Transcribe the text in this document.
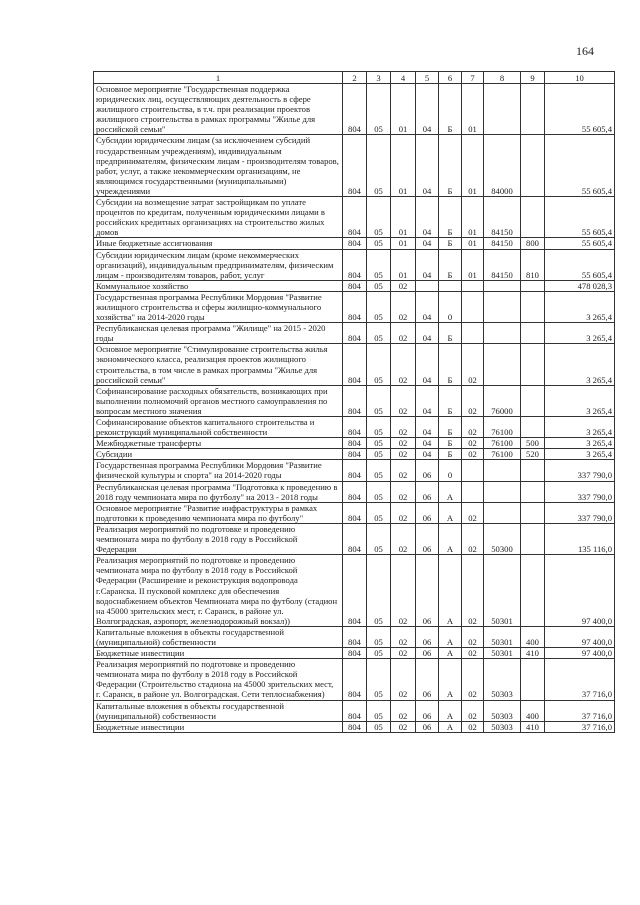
164
1	2	3	4	5	6	7	8	9	10
Основное мероприятие "Государственная поддержка юридических лиц, осуществляющих деятельность в сфере жилищного строительства, в т.ч. при реализации проектов жилищного строительства в рамках программы "Жилье для российской семьи"	804	05	01	04	Б	01			55 605,4
Субсидии юридическим лицам (за исключением субсидий государственным учреждениям), индивидуальным предпринимателям, физическим лицам - производителям товаров, работ, услуг, а также некоммерческим организациям, не являющимся государственными (муниципальными) учреждениями	804	05	01	04	Б	01	84000		55 605,4
Субсидии на возмещение затрат застройщикам по уплате процентов по кредитам, полученным юридическими лицами в российских кредитных организациях на строительство жилых домов	804	05	01	04	Б	01	84150		55 605,4
Иные бюджетные ассигнования	804	05	01	04	Б	01	84150	800	55 605,4
Субсидии юридическим лицам (кроме некоммерческих организаций), индивидуальным предпринимателям, физическим лицам - производителям товаров, работ, услуг	804	05	01	04	Б	01	84150	810	55 605,4
Коммунальное хозяйство	804	05	02						478 028,3
Государственная программа Республики Мордовия "Развитие жилищного строительства и сферы жилищно-коммунального хозяйства" на 2014-2020 годы	804	05	02	04	0				3 265,4
Республиканская целевая программа "Жилище" на 2015 - 2020 годы	804	05	02	04	Б				3 265,4
Основное мероприятие "Стимулирование строительства жилья экономического класса, реализация проектов жилищного строительства, в том числе в рамках программы "Жилье для российской семьи"	804	05	02	04	Б	02			3 265,4
Софинансирование расходных обязательств, возникающих при выполнении полномочий органов местного самоуправления по вопросам местного значения	804	05	02	04	Б	02	76000		3 265,4
Софинансирование объектов капитального строительства и реконструкций муниципальной собственности	804	05	02	04	Б	02	76100		3 265,4
Межбюджетные трансферты	804	05	02	04	Б	02	76100	500	3 265,4
Субсидии	804	05	02	04	Б	02	76100	520	3 265,4
Государственная программа Республики Мордовия "Развитие физической культуры и спорта" на 2014-2020 годы	804	05	02	06	0				337 790,0
Республиканская целевая программа "Подготовка к проведению в 2018 году чемпионата мира по футболу" на 2013 - 2018 годы	804	05	02	06	А				337 790,0
Основное мероприятие "Развитие инфраструктуры в рамках подготовки к проведению чемпионата мира по футболу"	804	05	02	06	А	02			337 790,0
Реализация мероприятий по подготовке и проведению чемпионата мира по футболу в 2018 году в Российской Федерации	804	05	02	06	А	02	50300		135 116,0
Реализация мероприятий по подготовке и проведению чемпионата мира по футболу в 2018 году в Российской Федерации (Расширение и реконструкция водопровода г.Саранска. II пусковой комплекс для обеспечения водоснабжением объектов Чемпионата мира по футболу (стадион на 45000 зрительских мест, г. Саранск, в районе ул. Волгоградская, аэропорт, железнодорожный вокзал))	804	05	02	06	А	02	50301		97 400,0
Капитальные вложения в объекты государственной (муниципальной) собственности	804	05	02	06	А	02	50301	400	97 400,0
Бюджетные инвестиции	804	05	02	06	А	02	50301	410	97 400,0
Реализация мероприятий по подготовке и проведению чемпионата мира по футболу в 2018 году в Российской Федерации (Строительство стадиона на 45000 зрительских мест, г. Саранск, в районе ул. Волгоградская. Сети теплоснабжения)	804	05	02	06	А	02	50303		37 716,0
Капитальные вложения в объекты государственной (муниципальной) собственности	804	05	02	06	А	02	50303	400	37 716,0
Бюджетные инвестиции	804	05	02	06	А	02	50303	410	37 716,0
